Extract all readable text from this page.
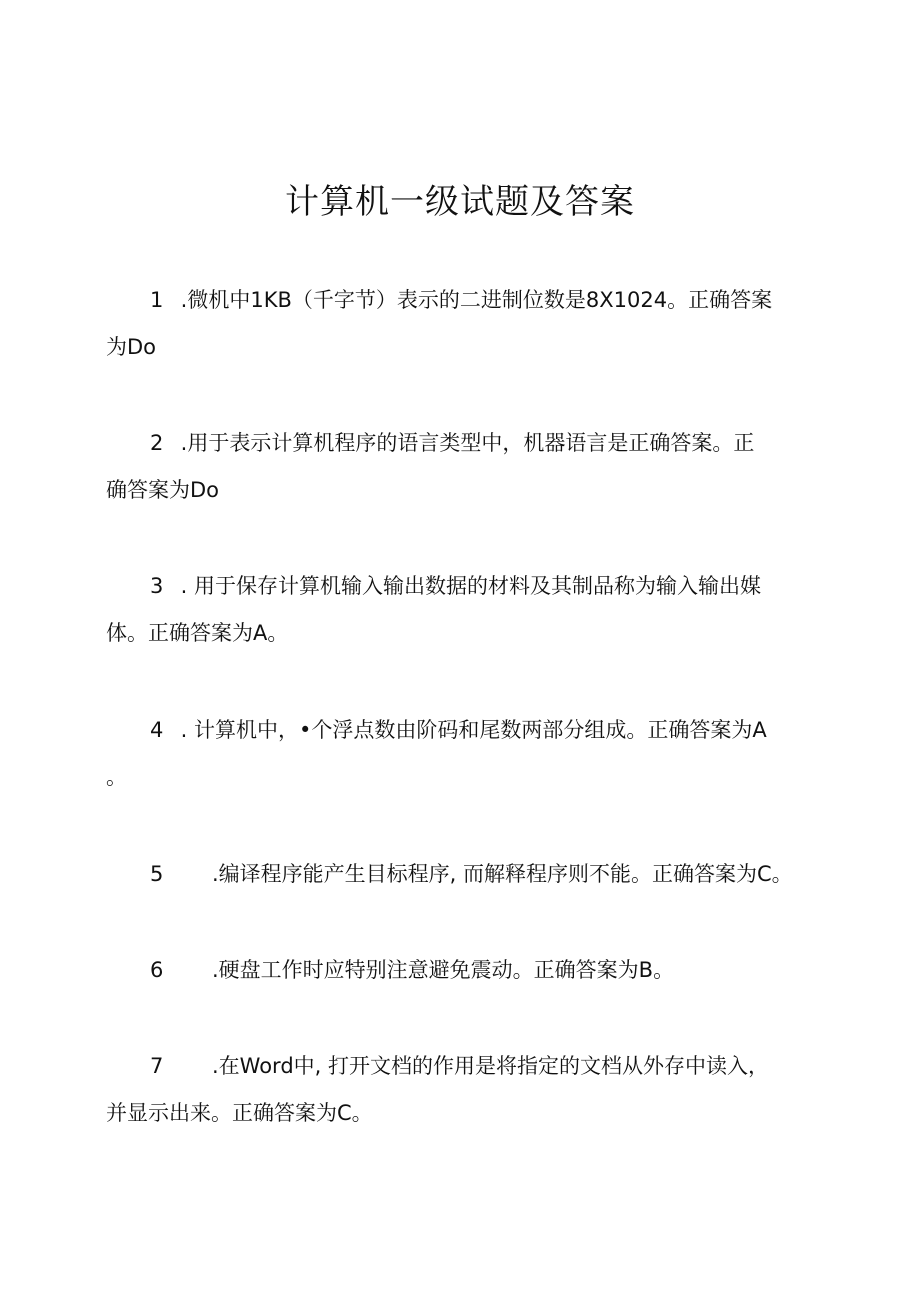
计算机一级试题及答案
1 .微机中1KB（千字节）表示的二进制位数是8X1024。正确答案
为Do
2 .用于表示计算机程序的语言类型中，机器语言是正确答案。正
确答案为Do
3 . 用于保存计算机输入输出数据的材料及其制品称为输入输出媒
体。正确答案为A。
4 . 计算机中，•个浮点数由阶码和尾数两部分组成。正确答案为A
。
5 .编译程序能产生目标程序, 而解释程序则不能。正确答案为C。
6 .硬盘工作时应特别注意避免震动。正确答案为B。
7 .在Word中, 打开文档的作用是将指定的文档从外存中读入，
并显示出来。正确答案为C。
